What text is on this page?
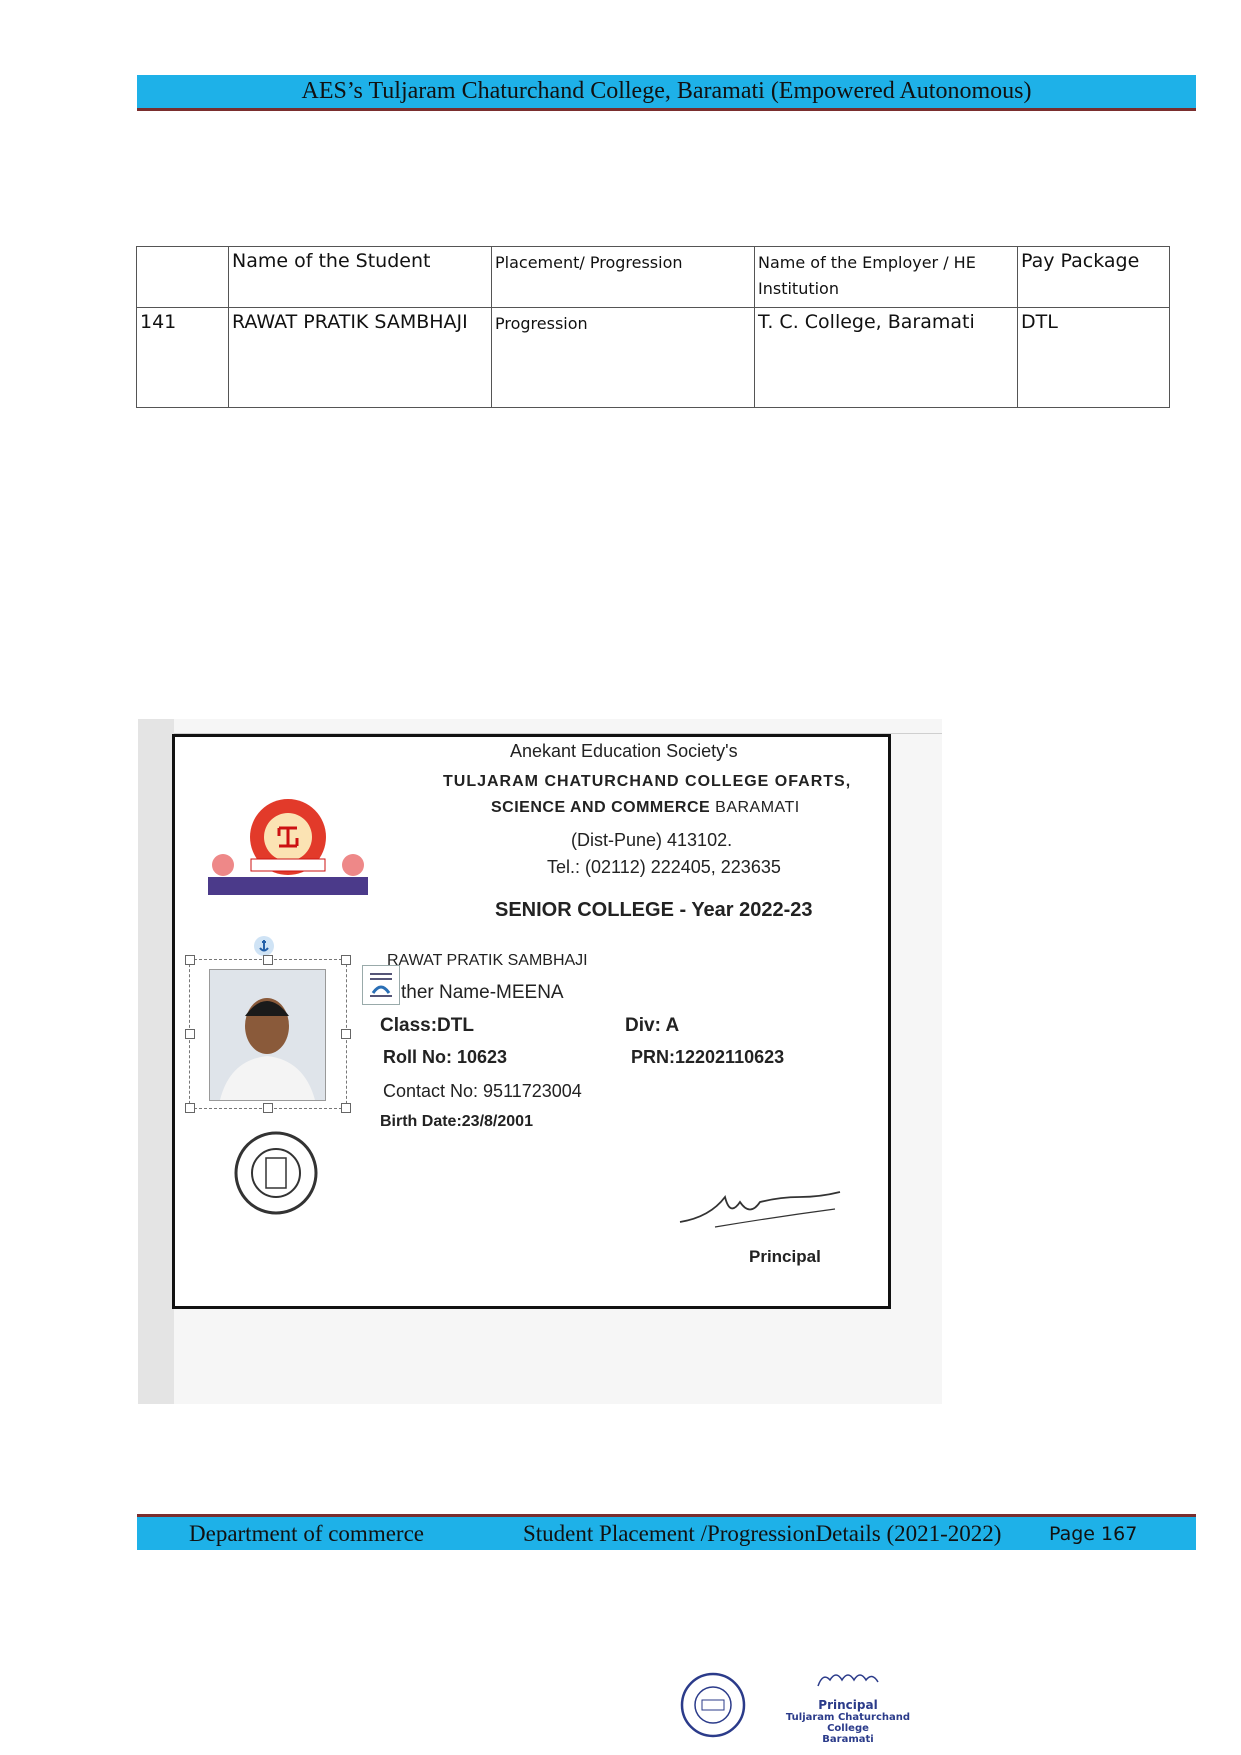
AES’s Tuljaram Chaturchand College, Baramati (Empowered Autonomous)
	Name of the Student	Placement/ Progression	Name of the Employer / HE Institution	Pay Package
141	RAWAT PRATIK SAMBHAJI	Progression	T. C. College, Baramati	DTL
Anekant Education Society's
TULJARAM CHATURCHAND COLLEGE OFARTS,
SCIENCE AND COMMERCE BARAMATI
(Dist-Pune) 413102.
Tel.: (02112) 222405, 223635
SENIOR COLLEGE - Year 2022-23
RAWAT PRATIK SAMBHAJI
ther Name-MEENA
Class:DTL	Div: A
Roll No: 10623	PRN:12202110623
Contact No: 9511723004
Birth Date:23/8/2001
Principal
Department of commerce	Student Placement /ProgressionDetails (2021-2022)	Page 167
Principal
Tuljaram Chaturchand College
Baramati
